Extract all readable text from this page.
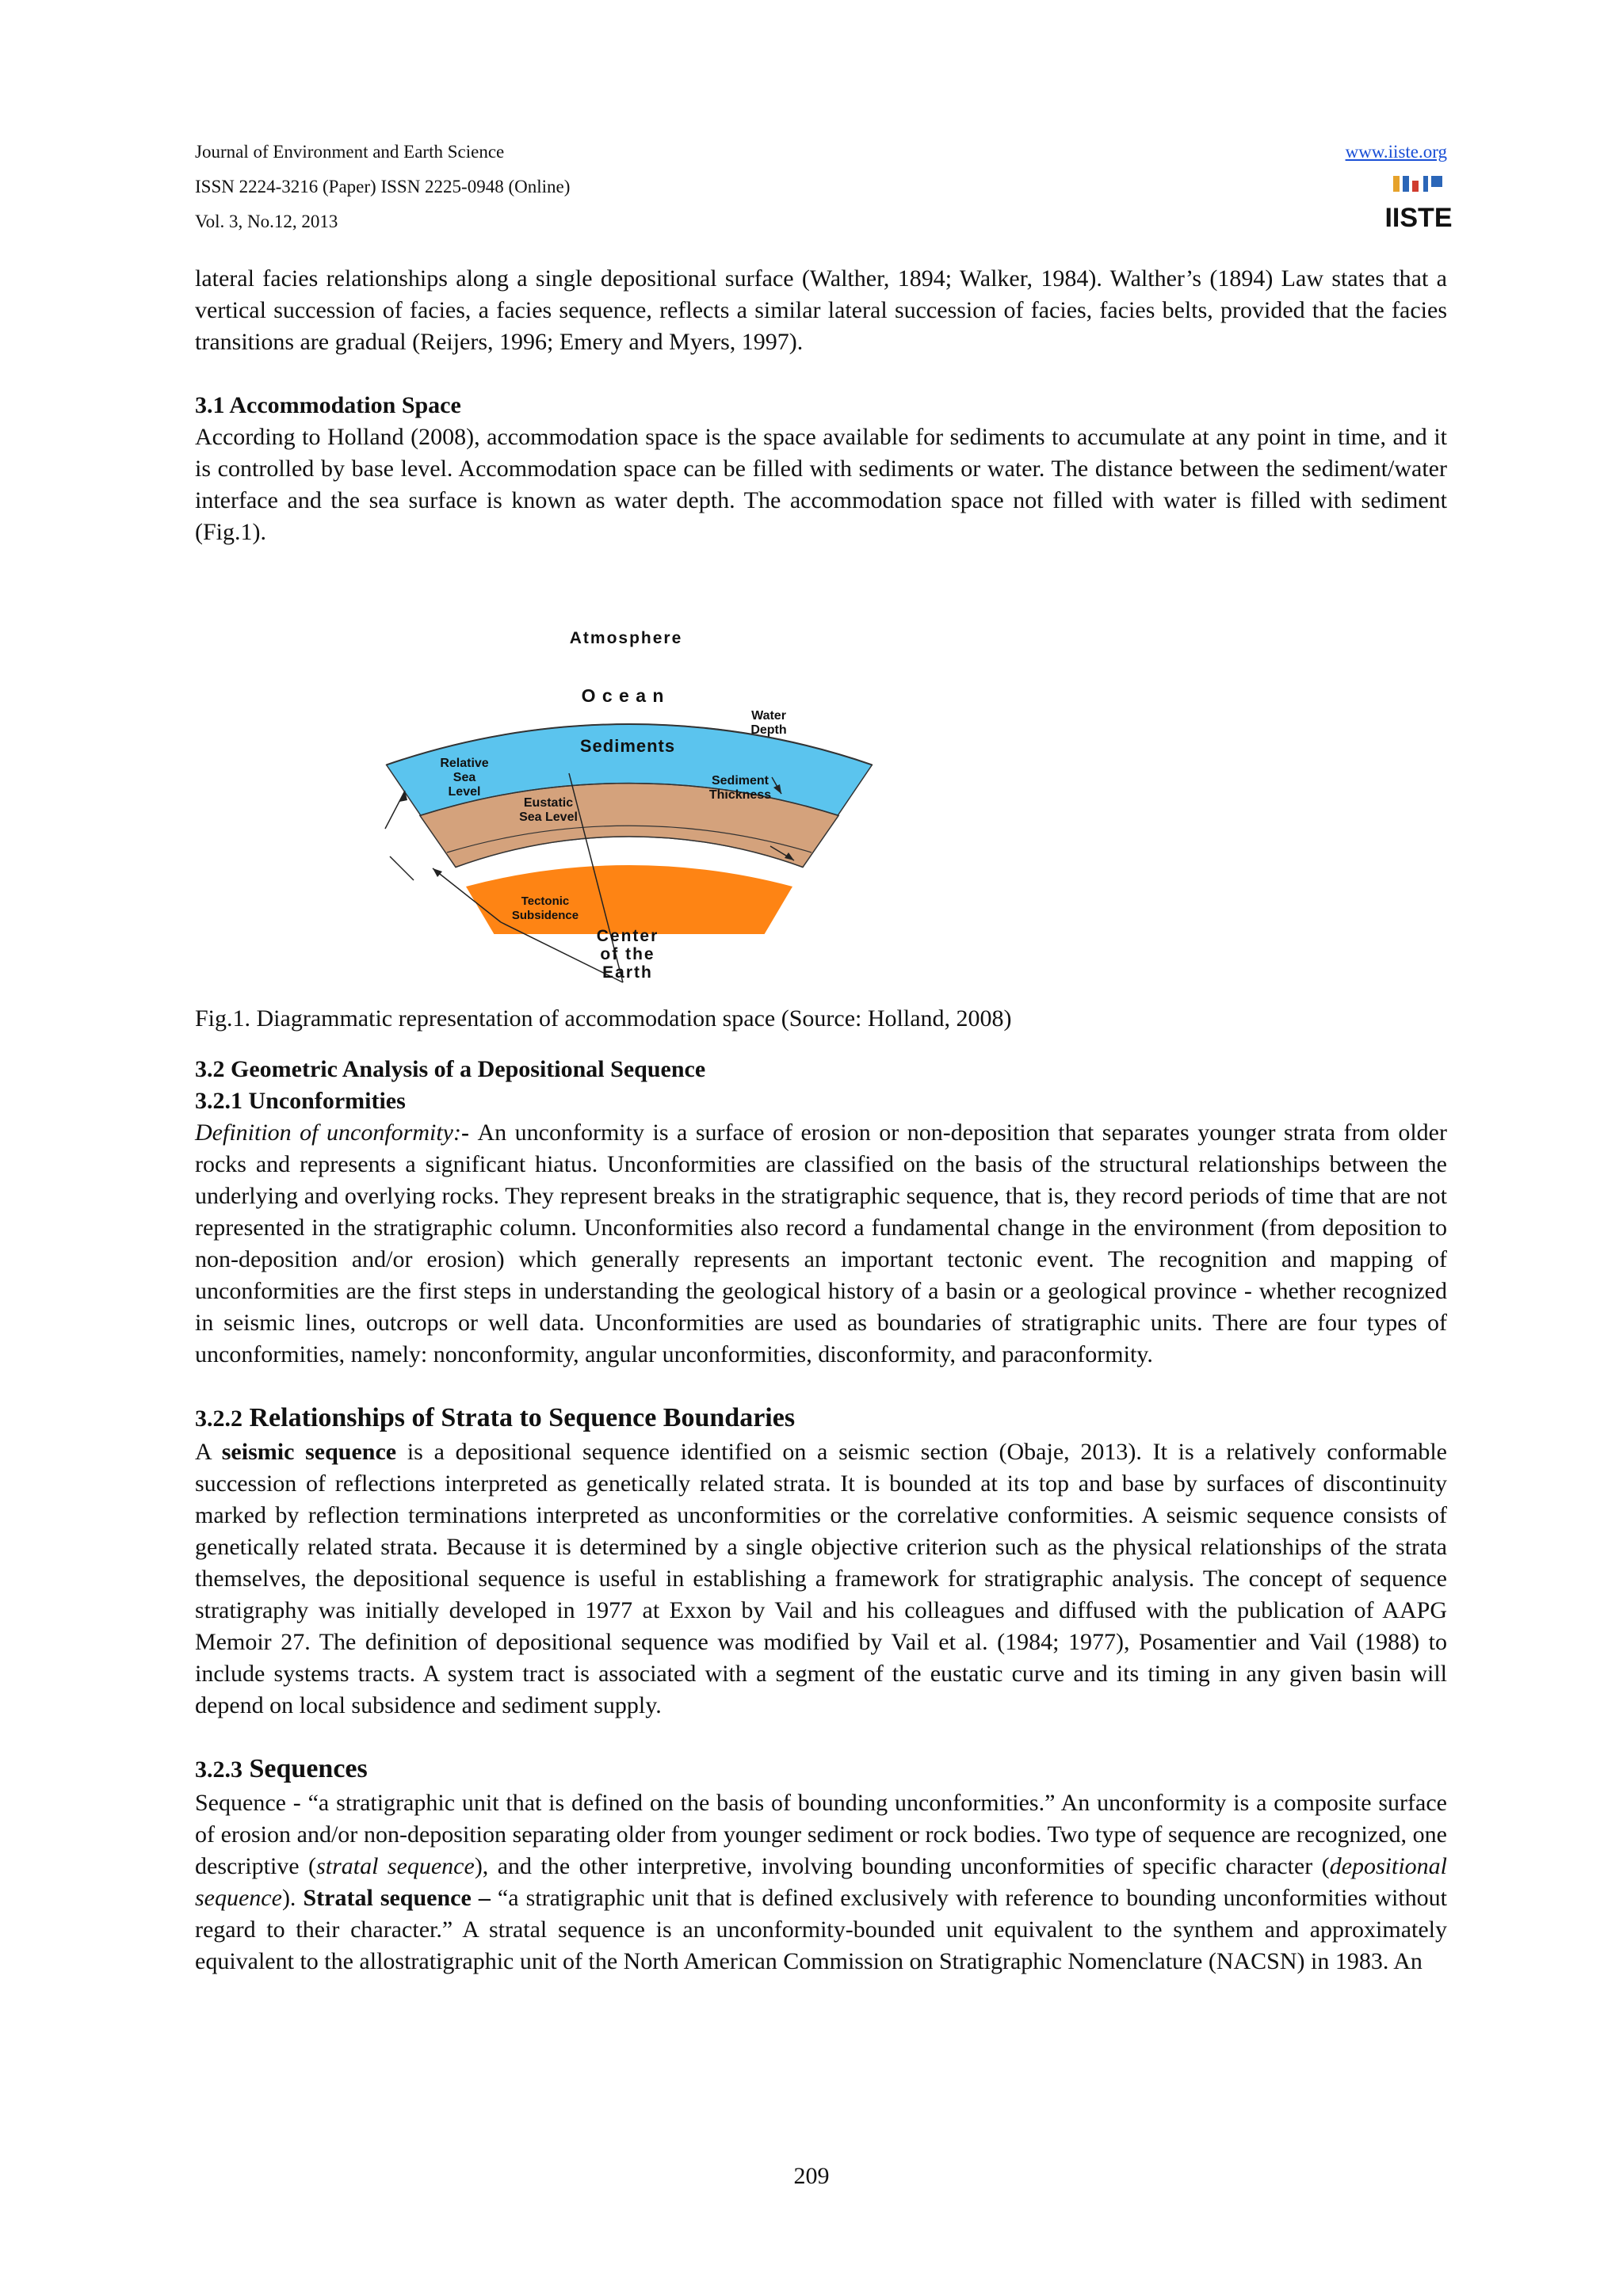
Journal of Environment and Earth Science
ISSN 2224-3216 (Paper) ISSN 2225-0948 (Online)
Vol. 3, No.12, 2013
www.iiste.org
IISTE

lateral facies relationships along a single depositional surface (Walther, 1894; Walker, 1984). Walther’s (1894) Law states that a vertical succession of facies, a facies sequence, reflects a similar lateral succession of facies, facies belts, provided that the facies transitions are gradual (Reijers, 1996; Emery and Myers, 1997).

3.1 Accommodation Space

According to Holland (2008), accommodation space is the space available for sediments to accumulate at any point in time, and it is controlled by base level. Accommodation space can be filled with sediments or water. The distance between the sediment/water interface and the sea surface is known as water depth. The accommodation space not filled with water is filled with sediment (Fig.1).

Atmosphere
O c e a n
Sediments
Relative
Sea
Level
Water
Depth
Sediment
Thickness
Eustatic
Sea Level
Tectonic
Subsidence
Center
of the
Earth

Fig.1. Diagrammatic representation of accommodation space (Source: Holland, 2008)

3.2 Geometric Analysis of a Depositional Sequence

3.2.1 Unconformities

Definition of unconformity:- An unconformity is a surface of erosion or non-deposition that separates younger strata from older rocks and represents a significant hiatus. Unconformities are classified on the basis of the structural relationships between the underlying and overlying rocks. They represent breaks in the stratigraphic sequence, that is, they record periods of time that are not represented in the stratigraphic column. Unconformities also record a fundamental change in the environment (from deposition to non-deposition and/or erosion) which generally represents an important tectonic event. The recognition and mapping of unconformities are the first steps in understanding the geological history of a basin or a geological province - whether recognized in seismic lines, outcrops or well data. Unconformities are used as boundaries of stratigraphic units. There are four types of unconformities, namely: nonconformity, angular unconformities, disconformity, and paraconformity.

3.2.2 Relationships of Strata to Sequence Boundaries

A seismic sequence is a depositional sequence identified on a seismic section (Obaje, 2013). It is a relatively conformable succession of reflections interpreted as genetically related strata. It is bounded at its top and base by surfaces of discontinuity marked by reflection terminations interpreted as unconformities or the correlative conformities. A seismic sequence consists of genetically related strata. Because it is determined by a single objective criterion such as the physical relationships of the strata themselves, the depositional sequence is useful in establishing a framework for stratigraphic analysis. The concept of sequence stratigraphy was initially developed in 1977 at Exxon by Vail and his colleagues and diffused with the publication of AAPG Memoir 27. The definition of depositional sequence was modified by Vail et al. (1984; 1977), Posamentier and Vail (1988) to include systems tracts. A system tract is associated with a segment of the eustatic curve and its timing in any given basin will depend on local subsidence and sediment supply.

3.2.3 Sequences

Sequence - “a stratigraphic unit that is defined on the basis of bounding unconformities.” An unconformity is a composite surface of erosion and/or non-deposition separating older from younger sediment or rock bodies. Two type of sequence are recognized, one descriptive (stratal sequence), and the other interpretive, involving bounding unconformities of specific character (depositional sequence). Stratal sequence – “a stratigraphic unit that is defined exclusively with reference to bounding unconformities without regard to their character.” A stratal sequence is an unconformity-bounded unit equivalent to the synthem and approximately equivalent to the allostratigraphic unit of the North American Commission on Stratigraphic Nomenclature (NACSN) in 1983. An

209
